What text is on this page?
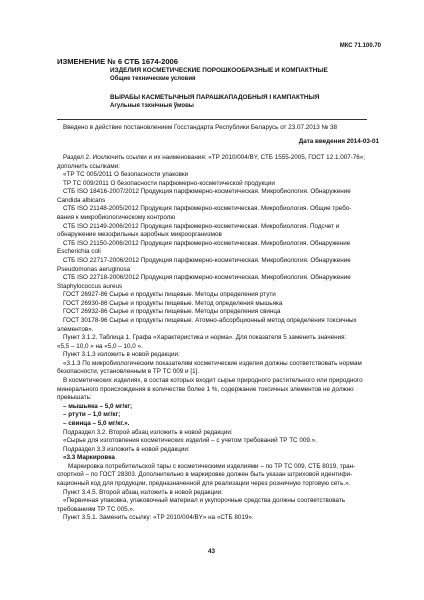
МКС 71.100.70
ИЗМЕНЕНИЕ № 6 СТБ 1674-2006
ИЗДЕЛИЯ КОСМЕТИЧЕСКИЕ ПОРОШКООБРАЗНЫЕ И КОМПАКТНЫЕ
Общие технические условия
ВЫРАБЫ КАСМЕТЫЧНЫЯ ПАРАШКАПАДОБНЫЯ І КАМПАКТНЫЯ
Агульныя тэхнічныя ўмовы
Введено в действие постановлением Госстандарта Республики Беларусь от 23.07.2013 № 38
Дата введения 2014-03-01
Раздел 2. Исключить ссылки и их наименования: «ТР 2010/004/BY, СТБ 1555-2005, ГОСТ 12.1.007-76»;
дополнить ссылками:
«ТР ТС 005/2011 О безопасности упаковки
ТР ТС 009/2011 О безопасности парфюмерно-косметической продукции
СТБ ISO 18416-2007/2012 Продукция парфюмерно-косметическая. Микробиология. Обнаружение
Candida albicans
СТБ ISO 21148-2005/2012 Продукция парфюмерно-косметическая. Микробиология. Общие требо-
вания к микробиологическому контролю
СТБ ISO 21149-2006/2012 Продукция парфюмерно-косметическая. Микробиология. Подсчет и
обнаружение мезофильных аэробных микроорганизмов
СТБ ISO 21150-2006/2012 Продукция парфюмерно-косметическая. Микробиология. Обнаружение
Escherichia coli
СТБ ISO 22717-2006/2012 Продукция парфюмерно-косметическая. Микробиология. Обнаружение
Pseudomonas aeruginosa
СТБ ISO 22718-2006/2012 Продукция парфюмерно-косметическая. Микробиология. Обнаружение
Staphylococcus aureus
ГОСТ 26927-86 Сырье и продукты пищевые. Методы определения ртути
ГОСТ 26930-86 Сырье и продукты пищевые. Метод определения мышьяка
ГОСТ 26932-86 Сырье и продукты пищевые. Методы определения свинца
ГОСТ 30178-96 Сырье и продукты пищевые. Атомно-абсорбционный метод определения токсичных
элементов».
Пункт 3.1.2. Таблица 1. Графа «Характеристика и норма». Для показателя 5 заменить значения:
«5,5 – 10,0 » на «5,0 – 10,0 ».
Пункт 3.1.3 изложить в новой редакции:
«3.1.3 По микробиологическим показателям косметические изделия должны соответствовать нормам
безопасности, установленным в ТР ТС 009 и [1].
В косметических изделиях, в состав которых входит сырье природного растительного или природного
минерального происхождения в количестве более 1 %, содержание токсичных элементов не должно
превышать:
– мышьяка – 5,0 мг/кг;
– ртути – 1,0 мг/кг;
– свинца – 5,0 мг/кг.».
Подраздел 3.2. Второй абзац изложить в новой редакции:
«Сырье для изготовления косметических изделий – с учетом требований ТР ТС 009.».
Подраздел 3.3 изложить в новой редакции:
«3.3 Маркировка
Маркировка потребительской тары с косметическими изделиями – по ТР ТС 009, СТБ 8019, тран-
спортной – по ГОСТ 28303. Дополнительно в маркировке должен быть указан штриховой идентифи-
кационный код для продукции, предназначенной для реализации через розничную торговую сеть.».
Пункт 3.4.5. Второй абзац изложить в новой редакции:
«Первичная упаковка, упаковочный материал и укупорочные средства должны соответствовать
требованиям ТР ТС 005.».
Пункт 3.5.1. Заменить ссылку: «ТР 2010/004/BY» на «СТБ 8019».
43
